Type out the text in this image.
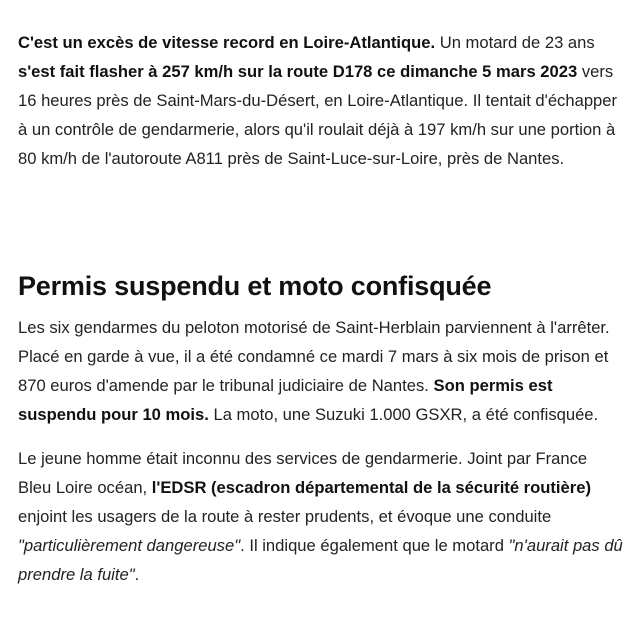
C'est un excès de vitesse record en Loire-Atlantique. Un motard de 23 ans s'est fait flasher à 257 km/h sur la route D178 ce dimanche 5 mars 2023 vers 16 heures près de Saint-Mars-du-Désert, en Loire-Atlantique. Il tentait d'échapper à un contrôle de gendarmerie, alors qu'il roulait déjà à 197 km/h sur une portion à 80 km/h de l'autoroute A811 près de Saint-Luce-sur-Loire, près de Nantes.

Permis suspendu et moto confisquée

Les six gendarmes du peloton motorisé de Saint-Herblain parviennent à l'arrêter. Placé en garde à vue, il a été condamné ce mardi 7 mars à six mois de prison et 870 euros d'amende par le tribunal judiciaire de Nantes. Son permis est suspendu pour 10 mois. La moto, une Suzuki 1.000 GSXR, a été confisquée.

Le jeune homme était inconnu des services de gendarmerie. Joint par France Bleu Loire océan, l'EDSR (escadron départemental de la sécurité routière) enjoint les usagers de la route à rester prudents, et évoque une conduite "particulièrement dangereuse". Il indique également que le motard "n'aurait pas dû prendre la fuite".
